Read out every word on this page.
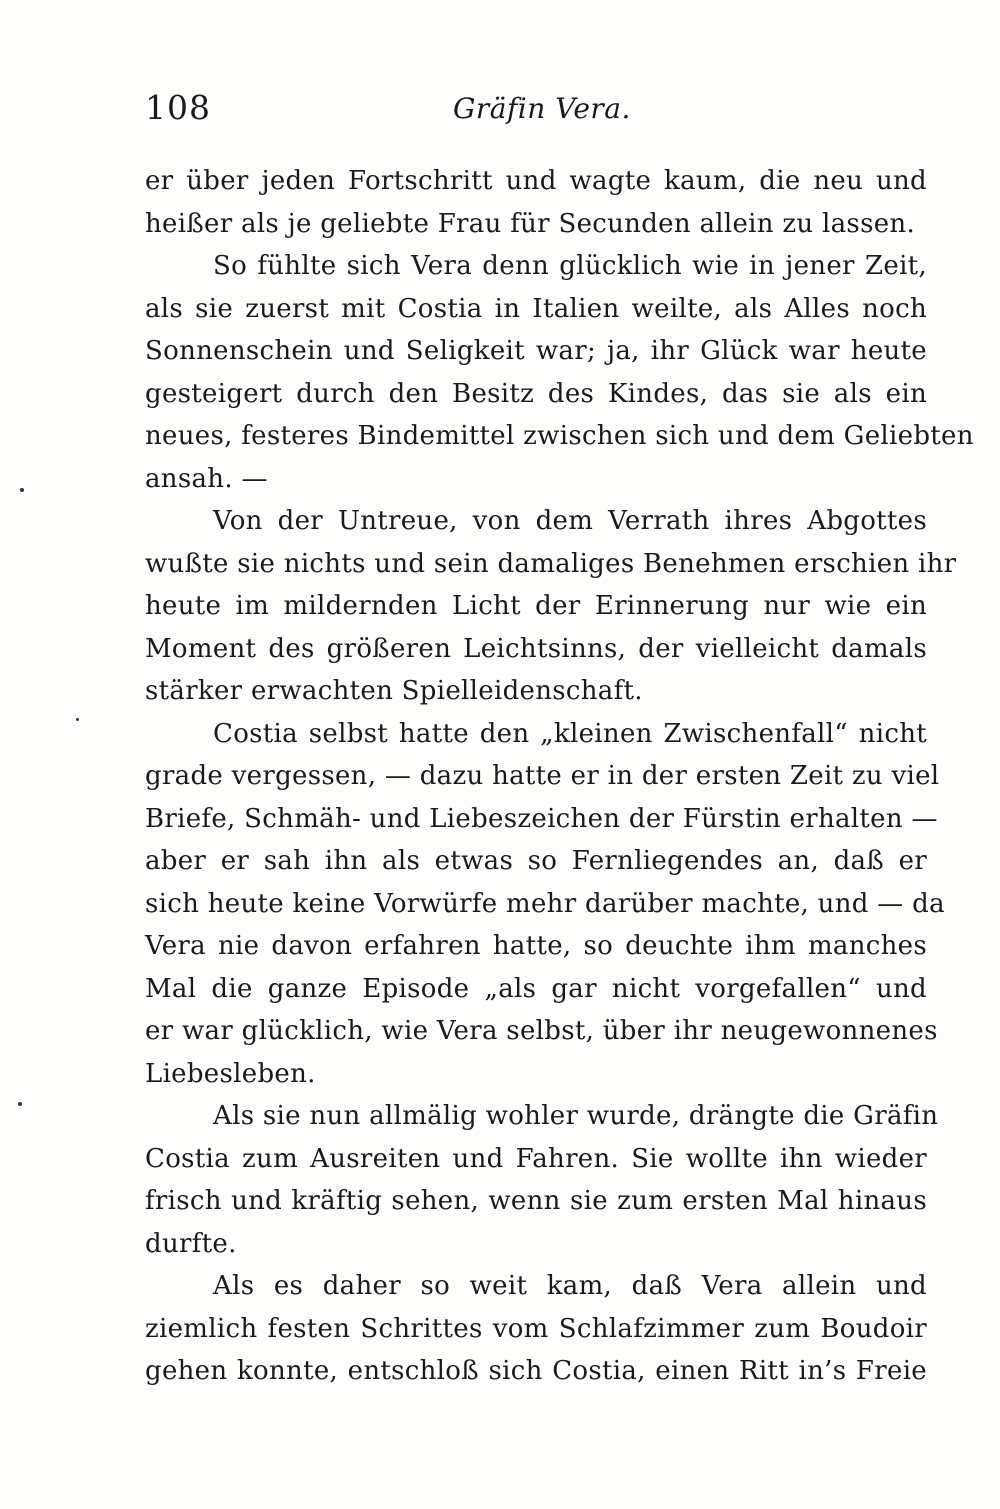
108	Gräfin Vera.
er über jeden Fortschritt und wagte kaum, die neu und
heißer als je geliebte Frau für Secunden allein zu lassen.
So fühlte sich Vera denn glücklich wie in jener Zeit,
als sie zuerst mit Costia in Italien weilte, als Alles noch
Sonnenschein und Seligkeit war; ja, ihr Glück war heute
gesteigert durch den Besitz des Kindes, das sie als ein
neues, festeres Bindemittel zwischen sich und dem Geliebten
ansah. —
Von der Untreue, von dem Verrath ihres Abgottes
wußte sie nichts und sein damaliges Benehmen erschien ihr
heute im mildernden Licht der Erinnerung nur wie ein
Moment des größeren Leichtsinns, der vielleicht damals
stärker erwachten Spielleidenschaft.
Costia selbst hatte den „kleinen Zwischenfall“ nicht
grade vergessen, — dazu hatte er in der ersten Zeit zu viel
Briefe, Schmäh- und Liebeszeichen der Fürstin erhalten —
aber er sah ihn als etwas so Fernliegendes an, daß er
sich heute keine Vorwürfe mehr darüber machte, und — da
Vera nie davon erfahren hatte, so deuchte ihm manches
Mal die ganze Episode „als gar nicht vorgefallen“ und
er war glücklich, wie Vera selbst, über ihr neugewonnenes
Liebesleben.
Als sie nun allmälig wohler wurde, drängte die Gräfin
Costia zum Ausreiten und Fahren. Sie wollte ihn wieder
frisch und kräftig sehen, wenn sie zum ersten Mal hinaus
durfte.
Als es daher so weit kam, daß Vera allein und
ziemlich festen Schrittes vom Schlafzimmer zum Boudoir
gehen konnte, entschloß sich Costia, einen Ritt in’s Freie
